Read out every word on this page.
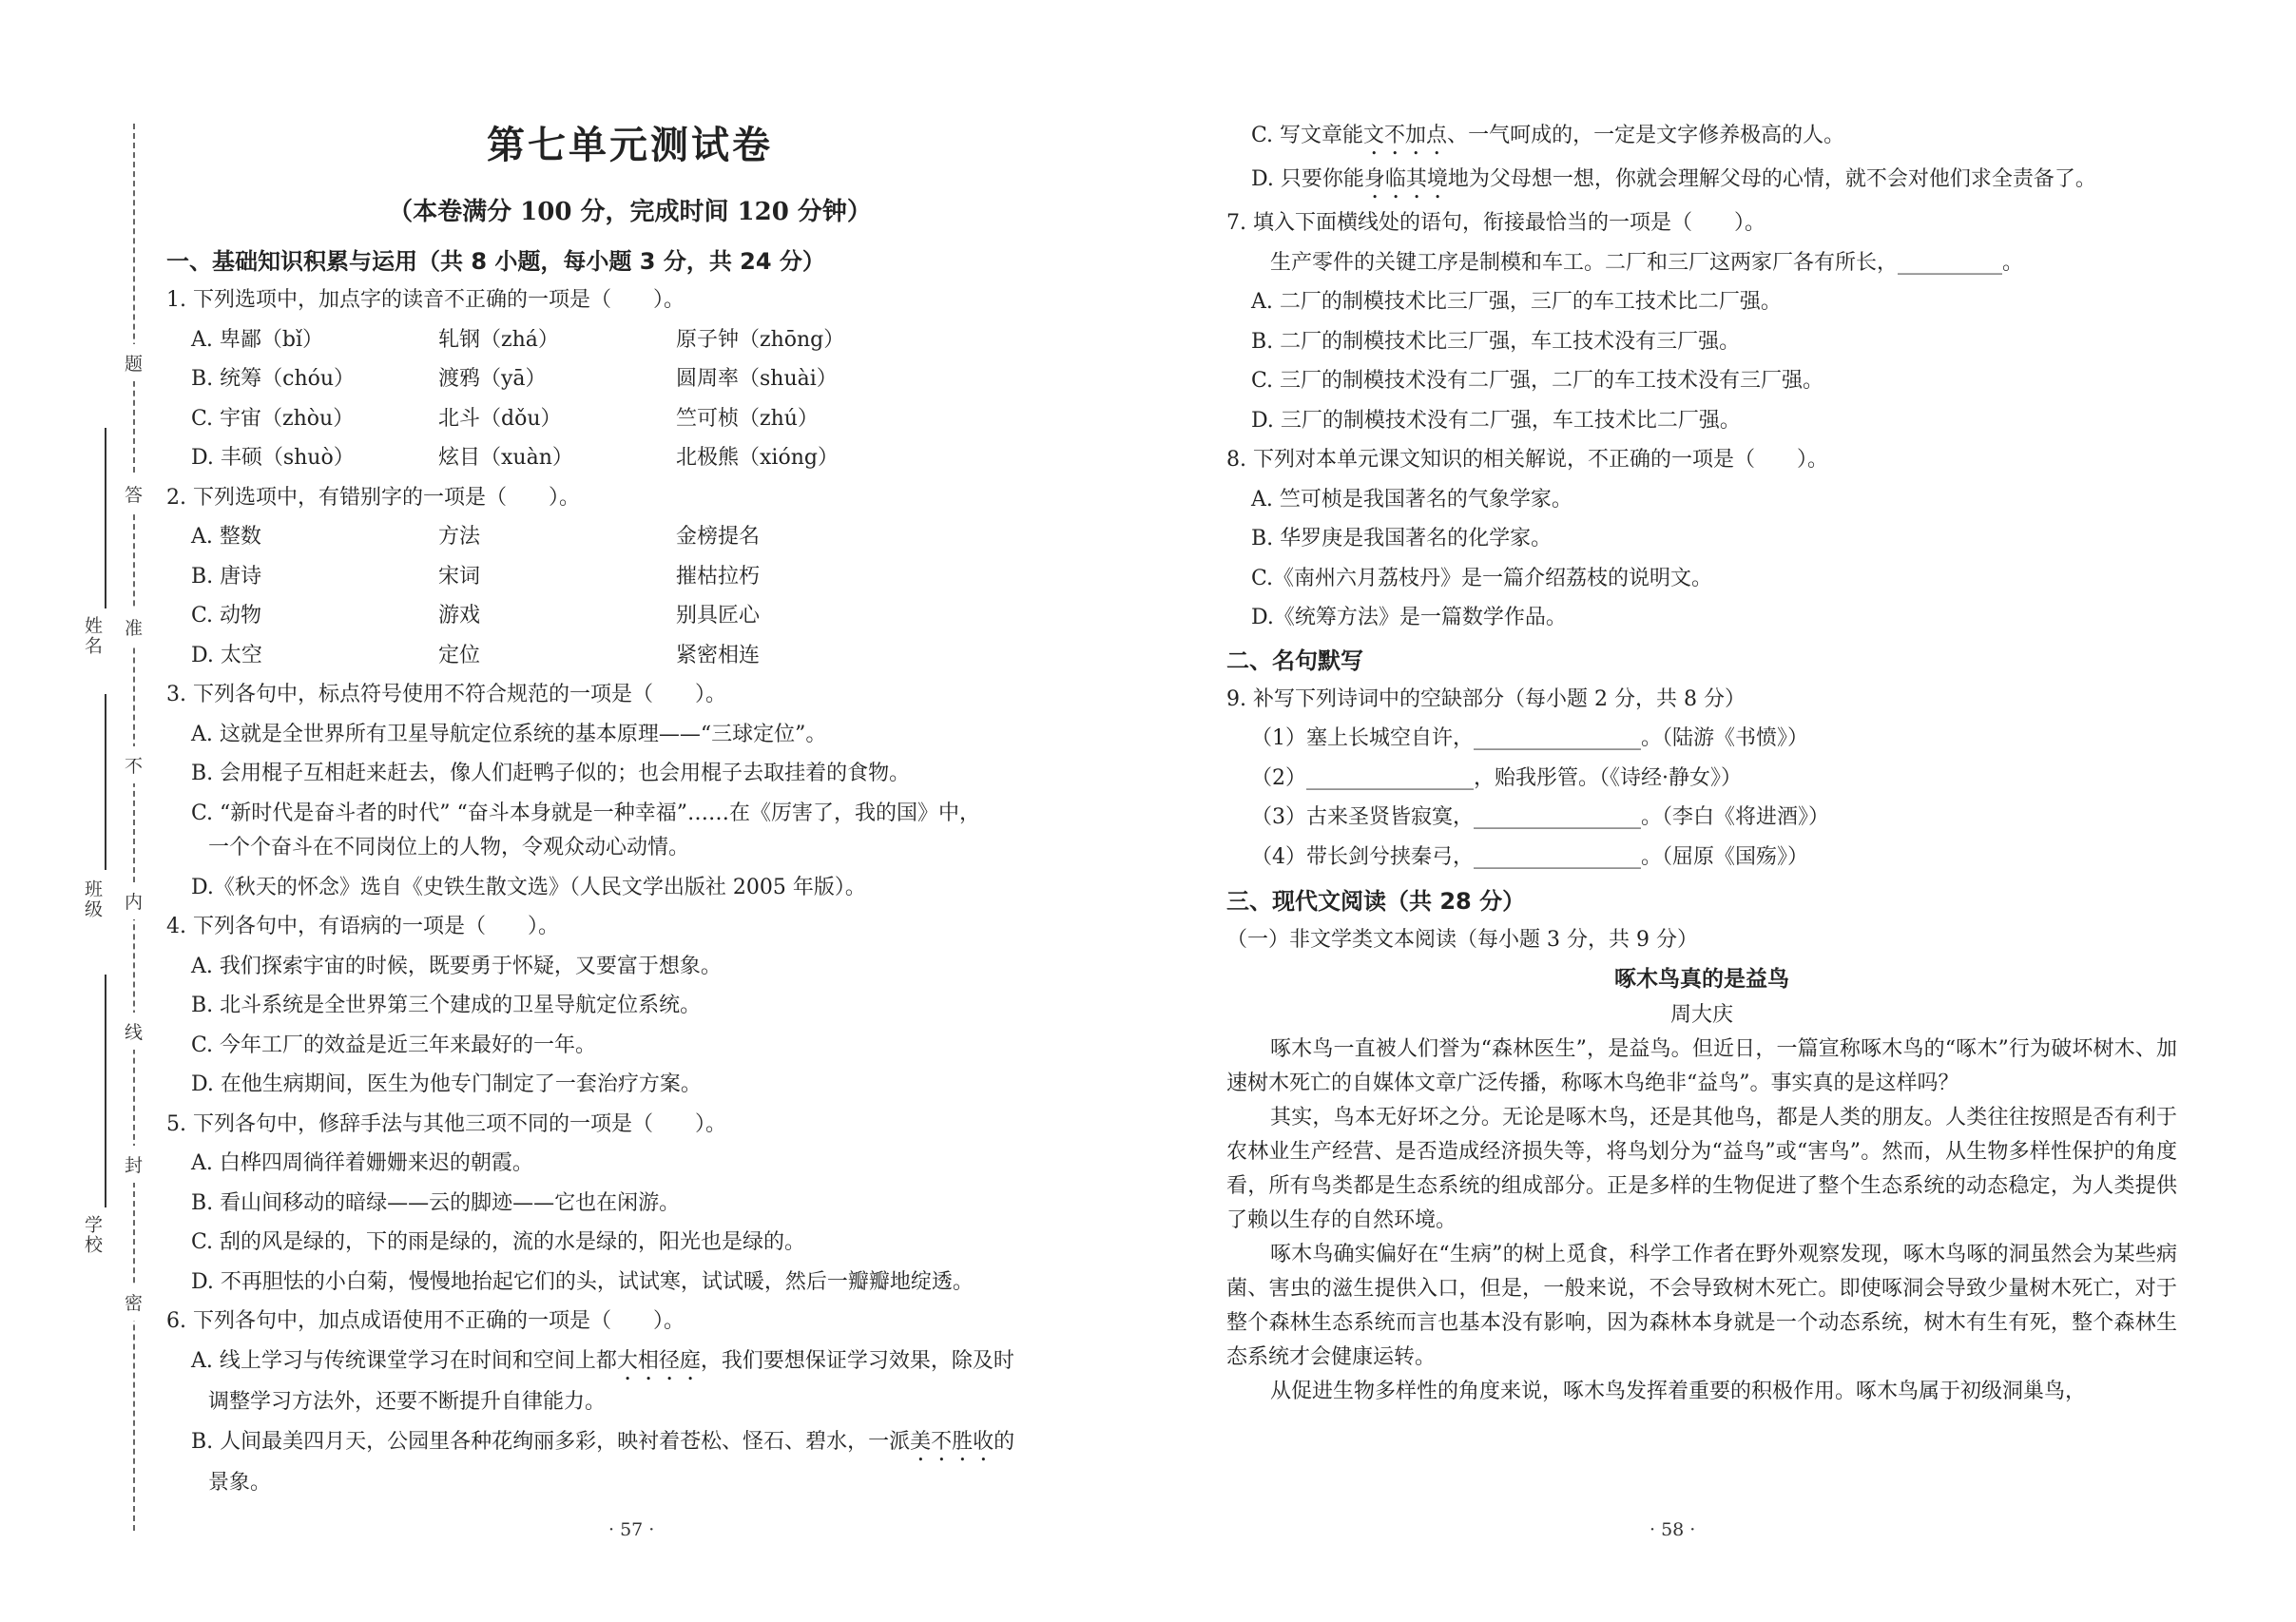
题
答
准
不
内
线
封
密
姓名
班级
学校
第七单元测试卷
（本卷满分 100 分，完成时间 120 分钟）
一、基础知识积累与运用（共 8 小题，每小题 3 分，共 24 分）
1. 下列选项中，加点字的读音不正确的一项是（　　）。
A. 卑鄙（bǐ）	轧钢（zhá）	原子钟（zhōng）
B. 统筹（chóu）	渡鸦（yā）	圆周率（shuài）
C. 宇宙（zhòu）	北斗（dǒu）	竺可桢（zhú）
D. 丰硕（shuò）	炫目（xuàn）	北极熊（xióng）
2. 下列选项中，有错别字的一项是（　　）。
A. 整数	方法	金榜提名
B. 唐诗	宋词	摧枯拉朽
C. 动物	游戏	别具匠心
D. 太空	定位	紧密相连
3. 下列各句中，标点符号使用不符合规范的一项是（　　）。
A. 这就是全世界所有卫星导航定位系统的基本原理——“三球定位”。
B. 会用棍子互相赶来赶去，像人们赶鸭子似的；也会用棍子去取挂着的食物。
C. “新时代是奋斗者的时代” “奋斗本身就是一种幸福”……在《厉害了，我的国》中，
一个个奋斗在不同岗位上的人物，令观众动心动情。
D.《秋天的怀念》选自《史铁生散文选》（人民文学出版社 2005 年版）。
4. 下列各句中，有语病的一项是（　　）。
A. 我们探索宇宙的时候，既要勇于怀疑，又要富于想象。
B. 北斗系统是全世界第三个建成的卫星导航定位系统。
C. 今年工厂的效益是近三年来最好的一年。
D. 在他生病期间，医生为他专门制定了一套治疗方案。
5. 下列各句中，修辞手法与其他三项不同的一项是（　　）。
A. 白桦四周徜徉着姗姗来迟的朝霞。
B. 看山间移动的暗绿——云的脚迹——它也在闲游。
C. 刮的风是绿的，下的雨是绿的，流的水是绿的，阳光也是绿的。
D. 不再胆怯的小白菊，慢慢地抬起它们的头，试试寒，试试暖，然后一瓣瓣地绽透。
6. 下列各句中，加点成语使用不正确的一项是（　　）。
A. 线上学习与传统课堂学习在时间和空间上都大相径庭，我们要想保证学习效果，除及时
调整学习方法外，还要不断提升自律能力。
B. 人间最美四月天，公园里各种花绚丽多彩，映衬着苍松、怪石、碧水，一派美不胜收的
景象。
· 57 ·
C. 写文章能文不加点、一气呵成的，一定是文字修养极高的人。
D. 只要你能身临其境地为父母想一想，你就会理解父母的心情，就不会对他们求全责备了。
7. 填入下面横线处的语句，衔接最恰当的一项是（　　）。
生产零件的关键工序是制模和车工。二厂和三厂这两家厂各有所长，__________。
A. 二厂的制模技术比三厂强，三厂的车工技术比二厂强。
B. 二厂的制模技术比三厂强，车工技术没有三厂强。
C. 三厂的制模技术没有二厂强，二厂的车工技术没有三厂强。
D. 三厂的制模技术没有二厂强，车工技术比二厂强。
8. 下列对本单元课文知识的相关解说，不正确的一项是（　　）。
A. 竺可桢是我国著名的气象学家。
B. 华罗庚是我国著名的化学家。
C.《南州六月荔枝丹》是一篇介绍荔枝的说明文。
D.《统筹方法》是一篇数学作品。
二、名句默写
9. 补写下列诗词中的空缺部分（每小题 2 分，共 8 分）
（1）塞上长城空自许，________________。（陆游《书愤》）
（2）________________，贻我彤管。（《诗经·静女》）
（3）古来圣贤皆寂寞，________________。（李白《将进酒》）
（4）带长剑兮挟秦弓，________________。（屈原《国殇》）
三、现代文阅读（共 28 分）
（一）非文学类文本阅读（每小题 3 分，共 9 分）
啄木鸟真的是益鸟
周大庆

啄木鸟一直被人们誉为“森林医生”，是益鸟。但近日，一篇宣称啄木鸟的“啄木”行为破坏树木、加速树木死亡的自媒体文章广泛传播，称啄木鸟绝非“益鸟”。事实真的是这样吗？

其实，鸟本无好坏之分。无论是啄木鸟，还是其他鸟，都是人类的朋友。人类往往按照是否有利于农林业生产经营、是否造成经济损失等，将鸟划分为“益鸟”或“害鸟”。然而，从生物多样性保护的角度看，所有鸟类都是生态系统的组成部分。正是多样的生物促进了整个生态系统的动态稳定，为人类提供了赖以生存的自然环境。

啄木鸟确实偏好在“生病”的树上觅食，科学工作者在野外观察发现，啄木鸟啄的洞虽然会为某些病菌、害虫的滋生提供入口，但是，一般来说，不会导致树木死亡。即使啄洞会导致少量树木死亡，对于整个森林生态系统而言也基本没有影响，因为森林本身就是一个动态系统，树木有生有死，整个森林生态系统才会健康运转。

从促进生物多样性的角度来说，啄木鸟发挥着重要的积极作用。啄木鸟属于初级洞巢鸟，

· 58 ·
